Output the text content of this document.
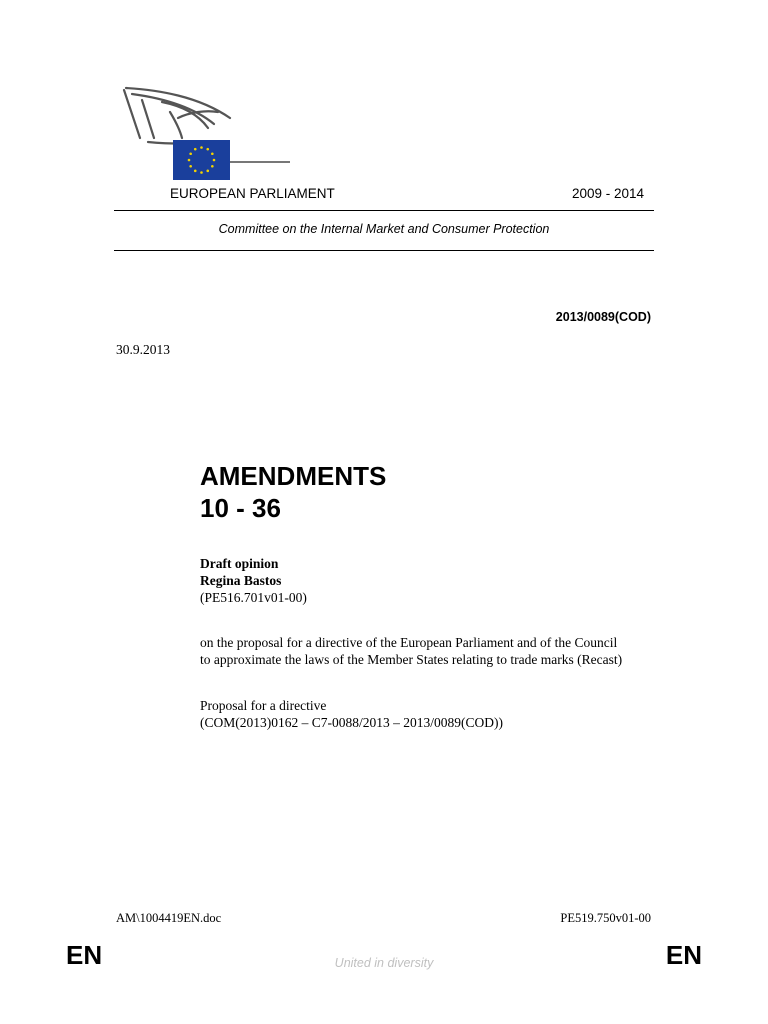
EUROPEAN PARLIAMENT	2009 - 2014
Committee on the Internal Market and Consumer Protection
2013/0089(COD)
30.9.2013
AMENDMENTS
10 - 36
Draft opinion
Regina Bastos
(PE516.701v01-00)
on the proposal for a directive of the European Parliament and of the Council
to approximate the laws of the Member States relating to trade marks (Recast)
Proposal for a directive
(COM(2013)0162 – C7-0088/2013 – 2013/0089(COD))
AM\1004419EN.doc	PE519.750v01-00
EN	United in diversity	EN
